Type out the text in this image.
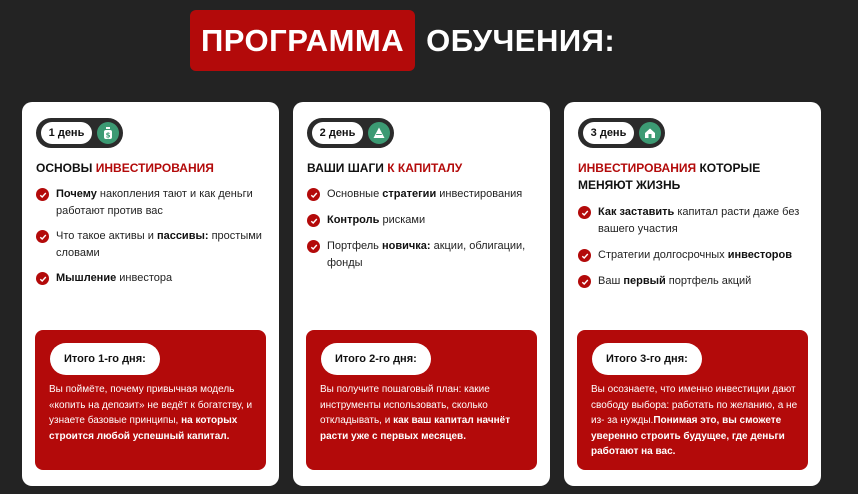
ПРОГРАММА ОБУЧЕНИЯ:
1 день	$
ОСНОВЫ ИНВЕСТИРОВАНИЯ
Почему накопления тают и как деньги работают против вас
Что такое активы и пассивы: простыми словами
Мышление инвестора
Итого 1-го дня:
Вы поймёте, почему привычная модель «копить на депозит» не ведёт к богатству, и узнаете базовые принципы, на которых строится любой успешный капитал.
2 день
ВАШИ ШАГИ К КАПИТАЛУ
Основные стратегии инвестирования
Контроль рисками
Портфель новичка: акции, облигации, фонды
Итого 2-го дня:
Вы получите пошаговый план: какие инструменты использовать, сколько откладывать, и как ваш капитал начнёт расти уже с первых месяцев.
3 день
ИНВЕСТИРОВАНИЯ КОТОРЫЕ МЕНЯЮТ ЖИЗНЬ
Как заставить капитал расти даже без вашего участия
Стратегии долгосрочных инвесторов
Ваш первый портфель акций
Итого 3-го дня:
Вы осознаете, что именно инвестиции дают свободу выбора: работать по желанию, а не из- за нужды.Понимая это, вы сможете уверенно строить будущее, где деньги работают на вас.
